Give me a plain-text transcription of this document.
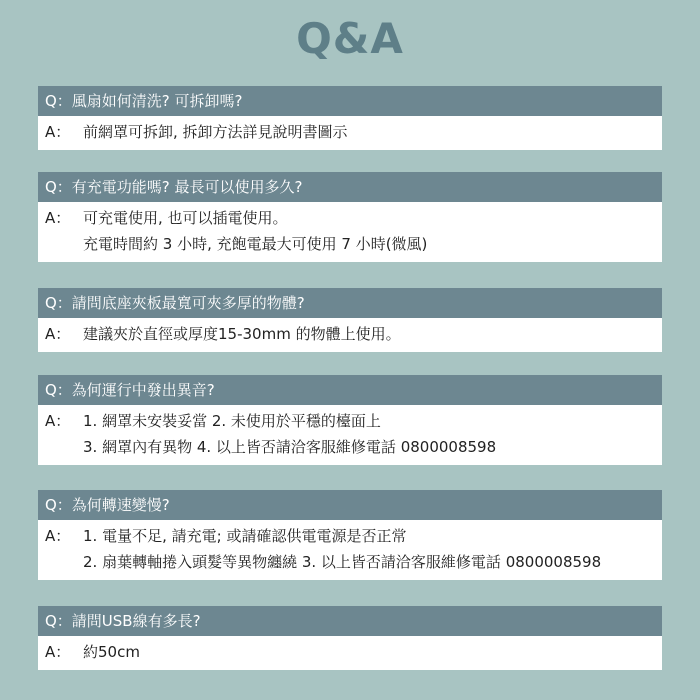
Q&A
Q：風扇如何清洗? 可拆卸嗎?
A： 前網罩可拆卸, 拆卸方法詳見說明書圖示
Q：有充電功能嗎? 最長可以使用多久?
A： 可充電使用, 也可以插電使用。
充電時間約 3 小時, 充飽電最大可使用 7 小時(微風)
Q：請問底座夾板最寬可夾多厚的物體?
A： 建議夾於直徑或厚度15-30mm 的物體上使用。
Q：為何運行中發出異音?
A： 1. 網罩未安裝妥當 2. 未使用於平穩的檯面上
3. 網罩內有異物 4. 以上皆否請洽客服維修電話 0800008598
Q：為何轉速變慢?
A： 1. 電量不足, 請充電; 或請確認供電電源是否正常
2. 扇葉轉軸捲入頭髮等異物纏繞 3. 以上皆否請洽客服維修電話 0800008598
Q：請問USB線有多長?
A： 約50cm
